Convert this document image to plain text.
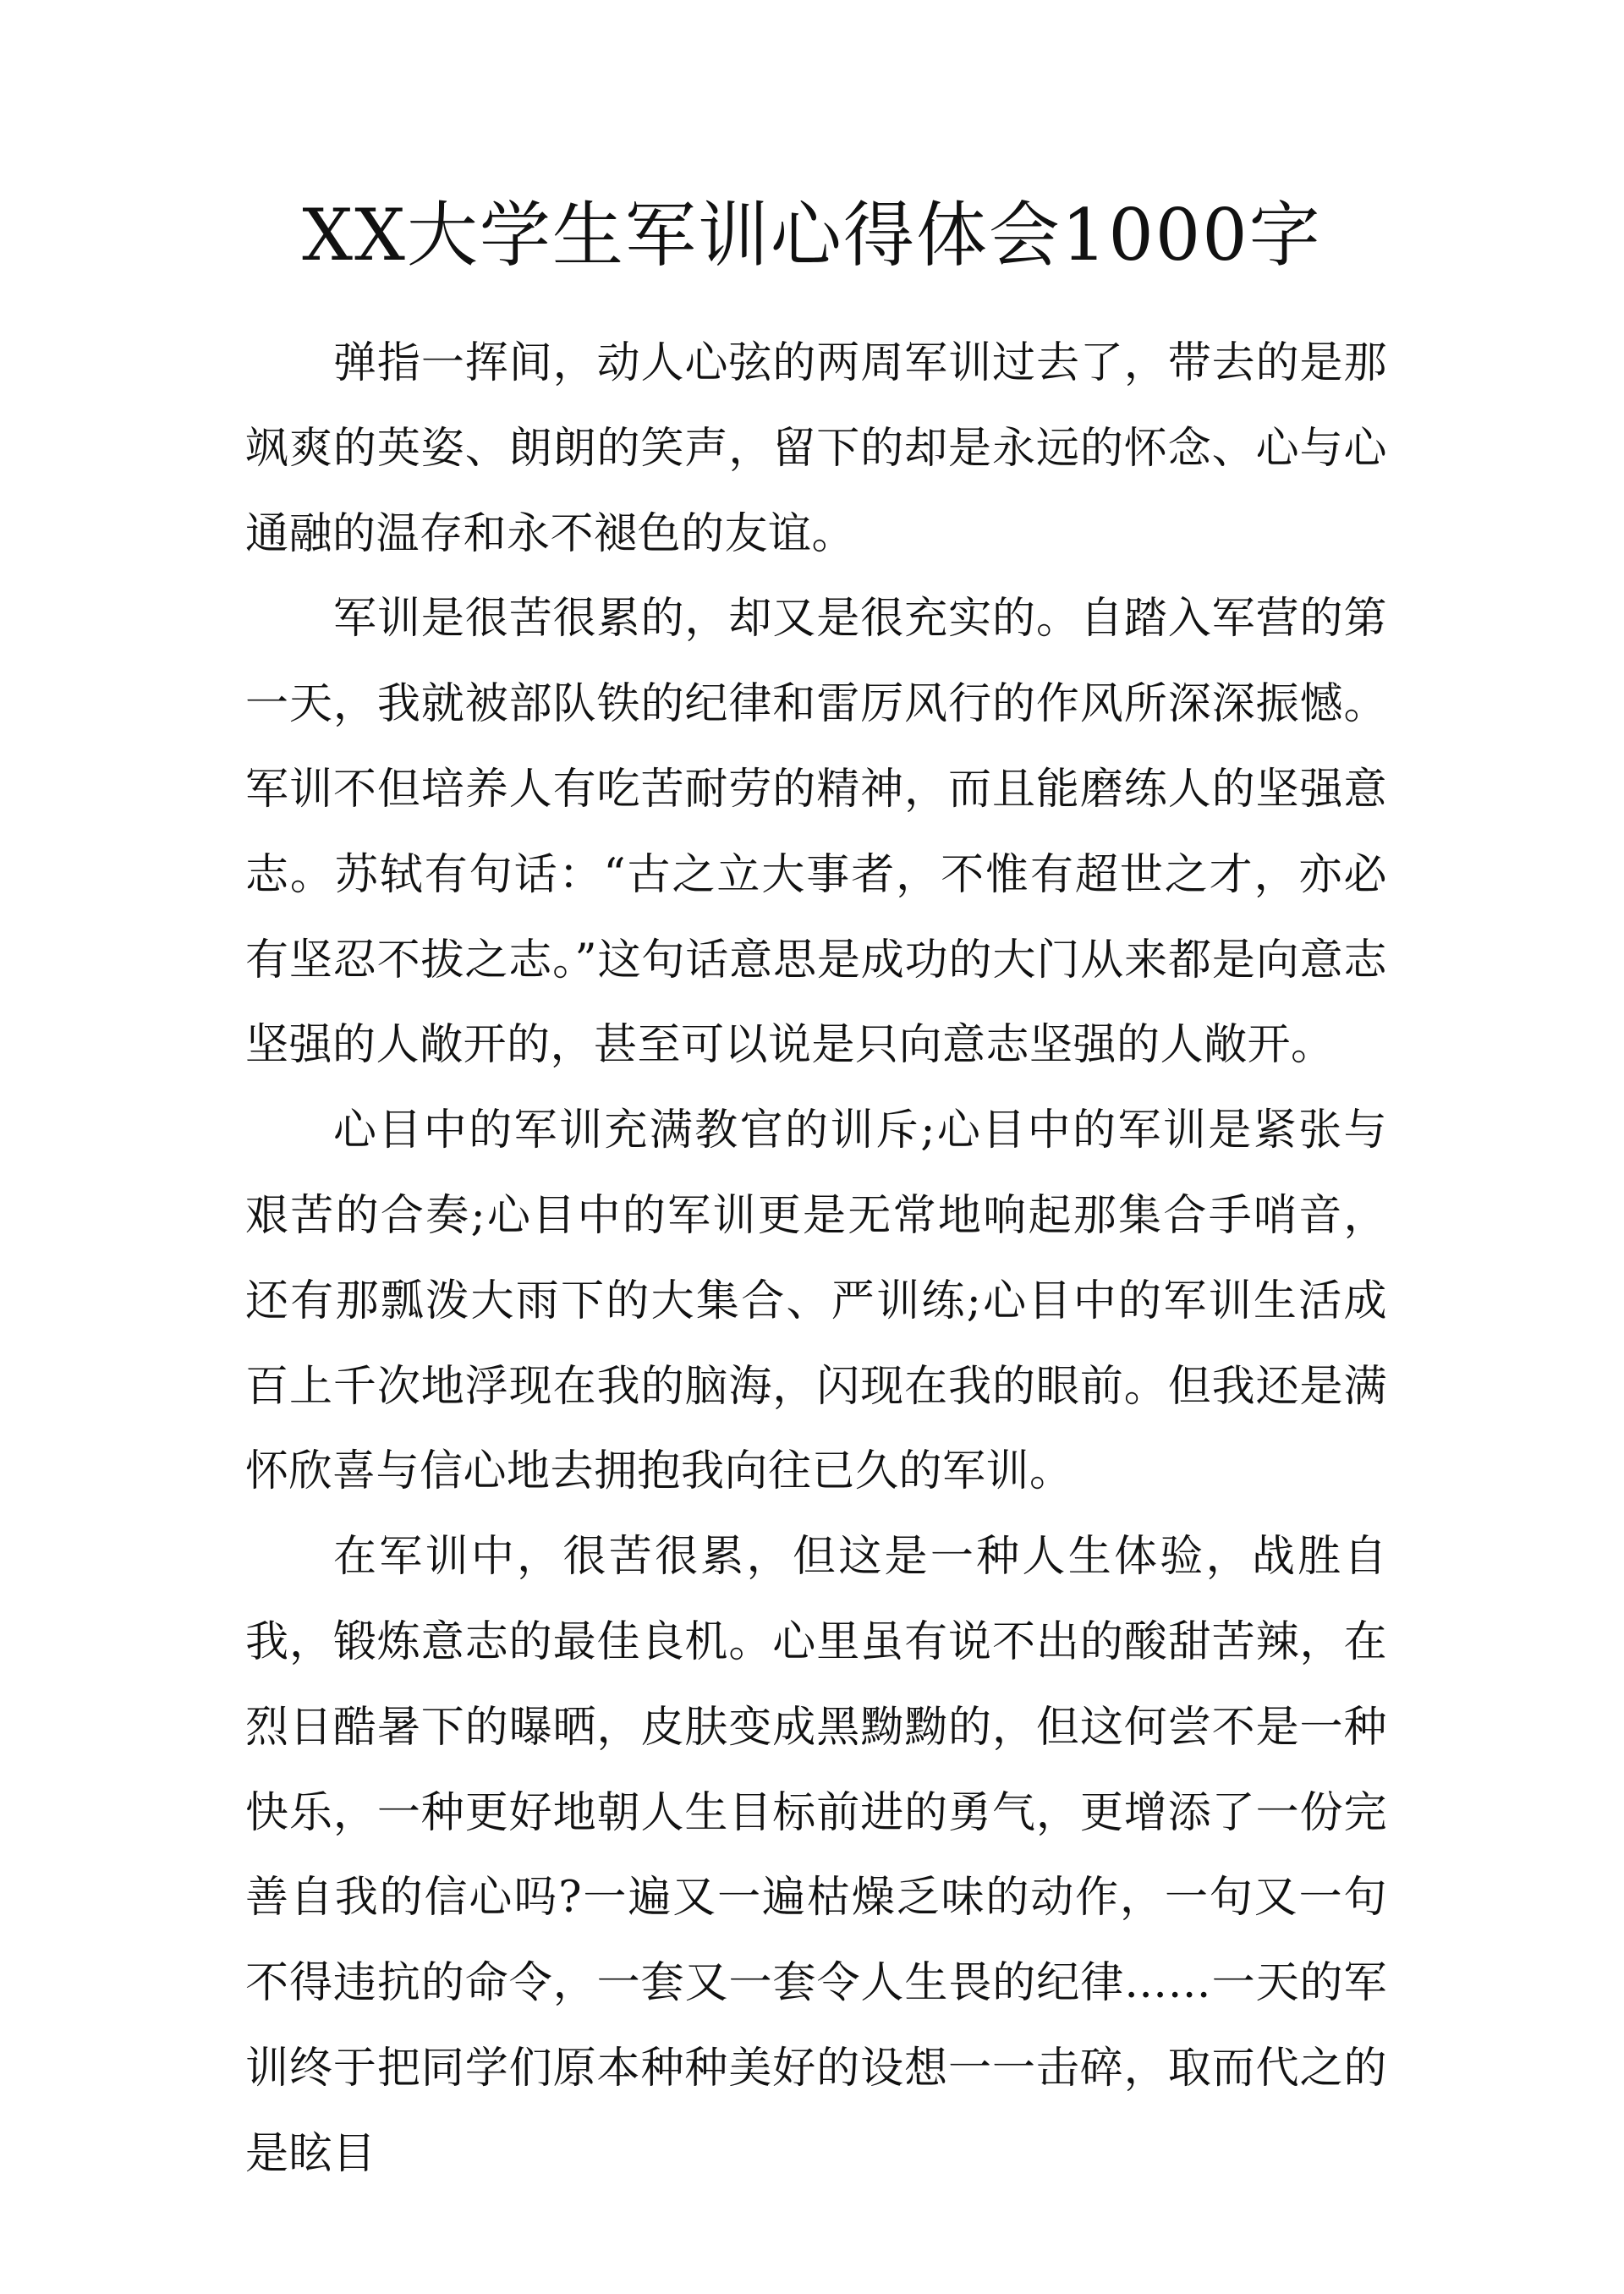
XX大学生军训心得体会1000字

弹指一挥间，动人心弦的两周军训过去了，带去的是那飒爽的英姿、朗朗的笑声，留下的却是永远的怀念、心与心通融的温存和永不褪色的友谊。

军训是很苦很累的，却又是很充实的。自踏入军营的第一天，我就被部队铁的纪律和雷厉风行的作风所深深振憾。军训不但培养人有吃苦耐劳的精神，而且能磨练人的坚强意志。苏轼有句话：“古之立大事者，不惟有超世之才，亦必有坚忍不拔之志。”这句话意思是成功的大门从来都是向意志坚强的人敞开的，甚至可以说是只向意志坚强的人敞开。

心目中的军训充满教官的训斥;心目中的军训是紧张与艰苦的合奏;心目中的军训更是无常地响起那集合手哨音，还有那瓢泼大雨下的大集合、严训练;心目中的军训生活成百上千次地浮现在我的脑海，闪现在我的眼前。但我还是满怀欣喜与信心地去拥抱我向往已久的军训。

在军训中，很苦很累，但这是一种人生体验，战胜自我，锻炼意志的最佳良机。心里虽有说不出的酸甜苦辣，在烈日酷暑下的曝晒，皮肤变成黑黝黝的，但这何尝不是一种快乐，一种更好地朝人生目标前进的勇气，更增添了一份完善自我的信心吗?一遍又一遍枯燥乏味的动作，一句又一句不得违抗的命令，一套又一套令人生畏的纪律……一天的军训终于把同学们原本种种美好的设想一一击碎，取而代之的是眩目
